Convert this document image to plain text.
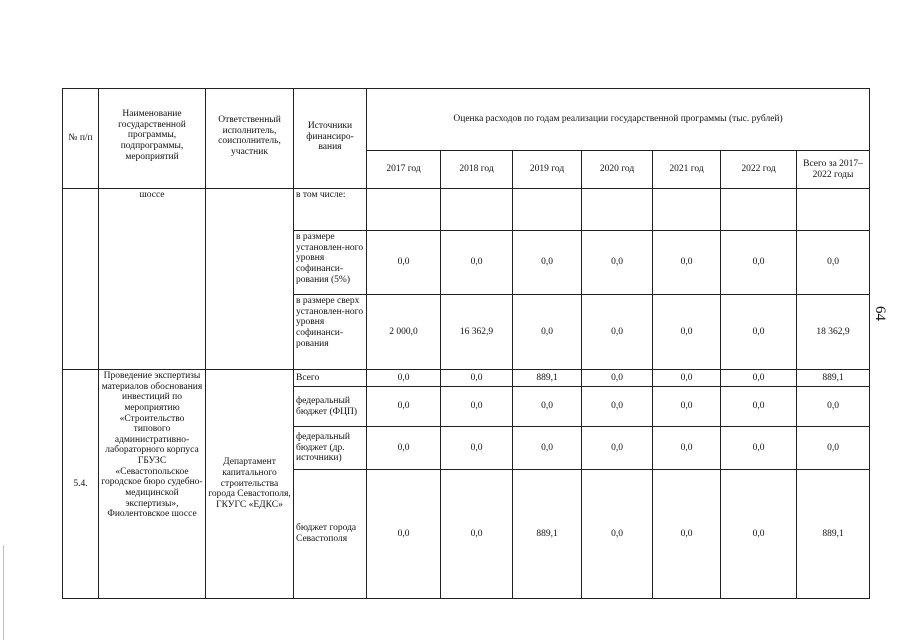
64
№ п/п	Наименование государственной программы, подпрограммы, мероприятий	Ответственный исполнитель, соисполнитель, участник	Источники финансиро-вания	Оценка расходов по годам реализации государственной программы (тыс. рублей)						
				2017 год	2018 год	2019 год	2020 год	2021 год	2022 год	Всего за 2017–2022 годы
	шоссе		в том числе:							
			в размере установлен-ного уровня софинанси-рования (5%)	0,0	0,0	0,0	0,0	0,0	0,0	0,0
			в размере сверх установлен-ного уровня софинанси-рования	2 000,0	16 362,9	0,0	0,0	0,0	0,0	18 362,9
5.4.	Проведение экспертизы материалов обоснования инвестиций по мероприятию «Строительство типового административно-лабораторного корпуса ГБУЗС «Севастопольское городское бюро судебно-медицинской экспертизы», Фиолентовское шоссе	Департамент капитального строительства города Севастополя, ГКУГС «ЕДКС»	Всего	0,0	0,0	889,1	0,0	0,0	0,0	889,1
			федеральный бюджет (ФЦП)	0,0	0,0	0,0	0,0	0,0	0,0	0,0
			федеральный бюджет (др. источники)	0,0	0,0	0,0	0,0	0,0	0,0	0,0
			бюджет города Севастополя	0,0	0,0	889,1	0,0	0,0	0,0	889,1
